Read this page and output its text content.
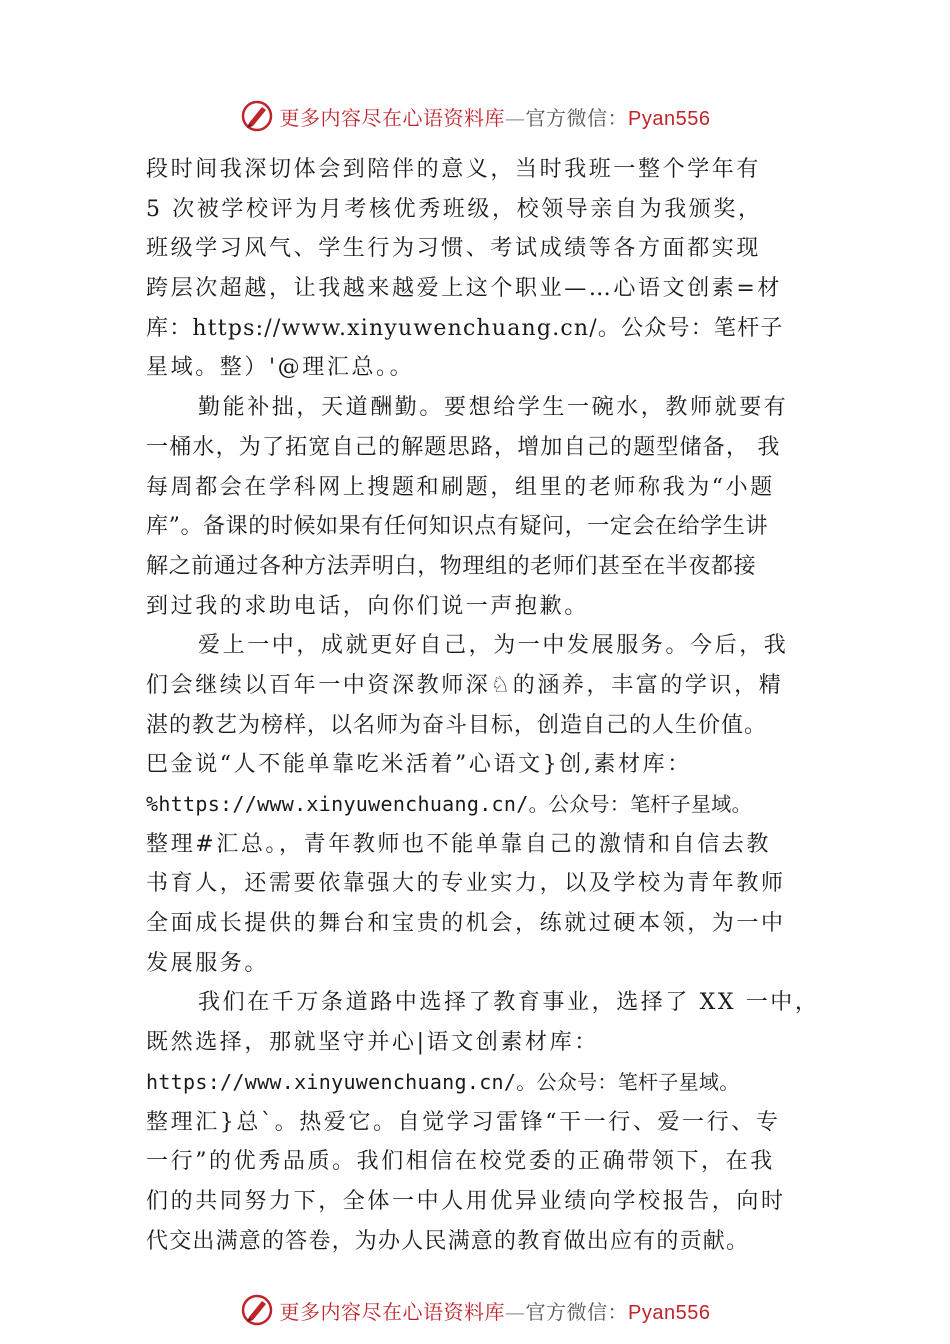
更多内容尽在心语资料库—官方微信：Pyan556
段时间我深切体会到陪伴的意义，当时我班一整个学年有
5 次被学校评为月考核优秀班级，校领导亲自为我颁奖，
班级学习风气、学生行为习惯、考试成绩等各方面都实现
跨层次超越，让我越来越爱上这个职业—…心语文创素=材
库：https://www.xinyuwenchuang.cn/。公众号：笔杆子
星域。整）'@理汇总。。
勤能补拙，天道酬勤。要想给学生一碗水，教师就要有
一桶水，为了拓宽自己的解题思路，增加自己的题型储备， 我
每周都会在学科网上搜题和刷题，组里的老师称我为“小题
库”。备课的时候如果有任何知识点有疑问，一定会在给学生讲
解之前通过各种方法弄明白，物理组的老师们甚至在半夜都接
到过我的求助电话，向你们说一声抱歉。
爱上一中，成就更好自己，为一中发展服务。今后，我
们会继续以百年一中资深教师深♘的涵养，丰富的学识，精
湛的教艺为榜样，以名师为奋斗目标，创造自己的人生价值。
巴金说“人不能单靠吃米活着”心语文}创,素材库：
%https://www.xinyuwenchuang.cn/。公众号：笔杆子星域。
整理#汇总。，青年教师也不能单靠自己的激情和自信去教
书育人，还需要依靠强大的专业实力，以及学校为青年教师
全面成长提供的舞台和宝贵的机会，练就过硬本领，为一中
发展服务。
我们在千万条道路中选择了教育事业，选择了 XX 一中，
既然选择，那就坚守并心|语文创素材库：
https://www.xinyuwenchuang.cn/。公众号：笔杆子星域。
整理汇}总`。热爱它。自觉学习雷锋“干一行、爱一行、专
一行”的优秀品质。我们相信在校党委的正确带领下，在我
们的共同努力下，全体一中人用优异业绩向学校报告，向时
代交出满意的答卷，为办人民满意的教育做出应有的贡献。
更多内容尽在心语资料库—官方微信：Pyan556
